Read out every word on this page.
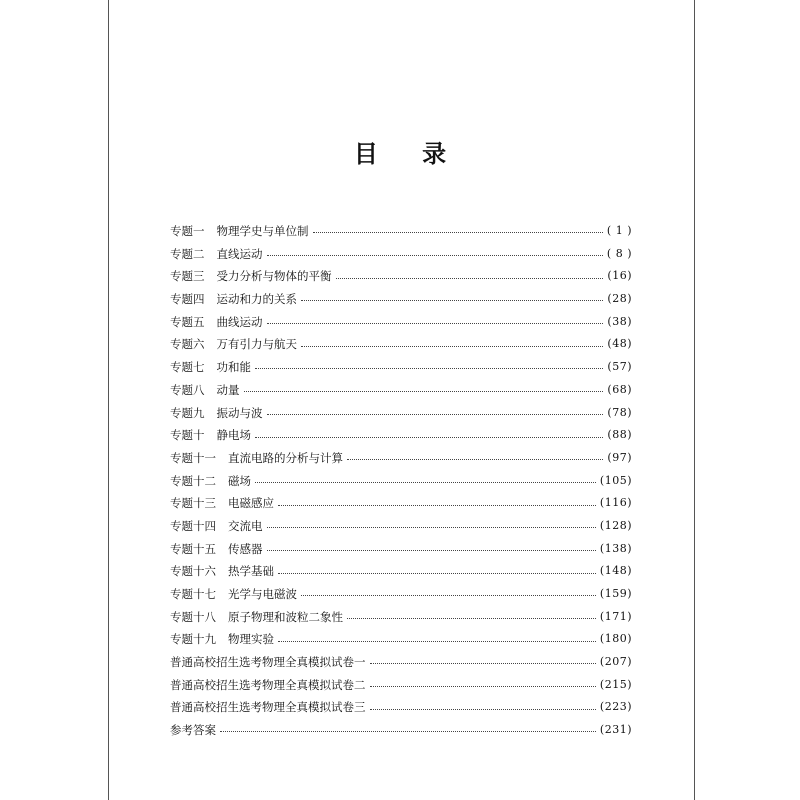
目 录
专题一 物理学史与单位制	( 1 )
专题二 直线运动	( 8 )
专题三 受力分析与物体的平衡	(16)
专题四 运动和力的关系	(28)
专题五 曲线运动	(38)
专题六 万有引力与航天	(48)
专题七 功和能	(57)
专题八 动量	(68)
专题九 振动与波	(78)
专题十 静电场	(88)
专题十一 直流电路的分析与计算	(97)
专题十二 磁场	(105)
专题十三 电磁感应	(116)
专题十四 交流电	(128)
专题十五 传感器	(138)
专题十六 热学基础	(148)
专题十七 光学与电磁波	(159)
专题十八 原子物理和波粒二象性	(171)
专题十九 物理实验	(180)
普通高校招生选考物理全真模拟试卷一	(207)
普通高校招生选考物理全真模拟试卷二	(215)
普通高校招生选考物理全真模拟试卷三	(223)
参考答案	(231)
